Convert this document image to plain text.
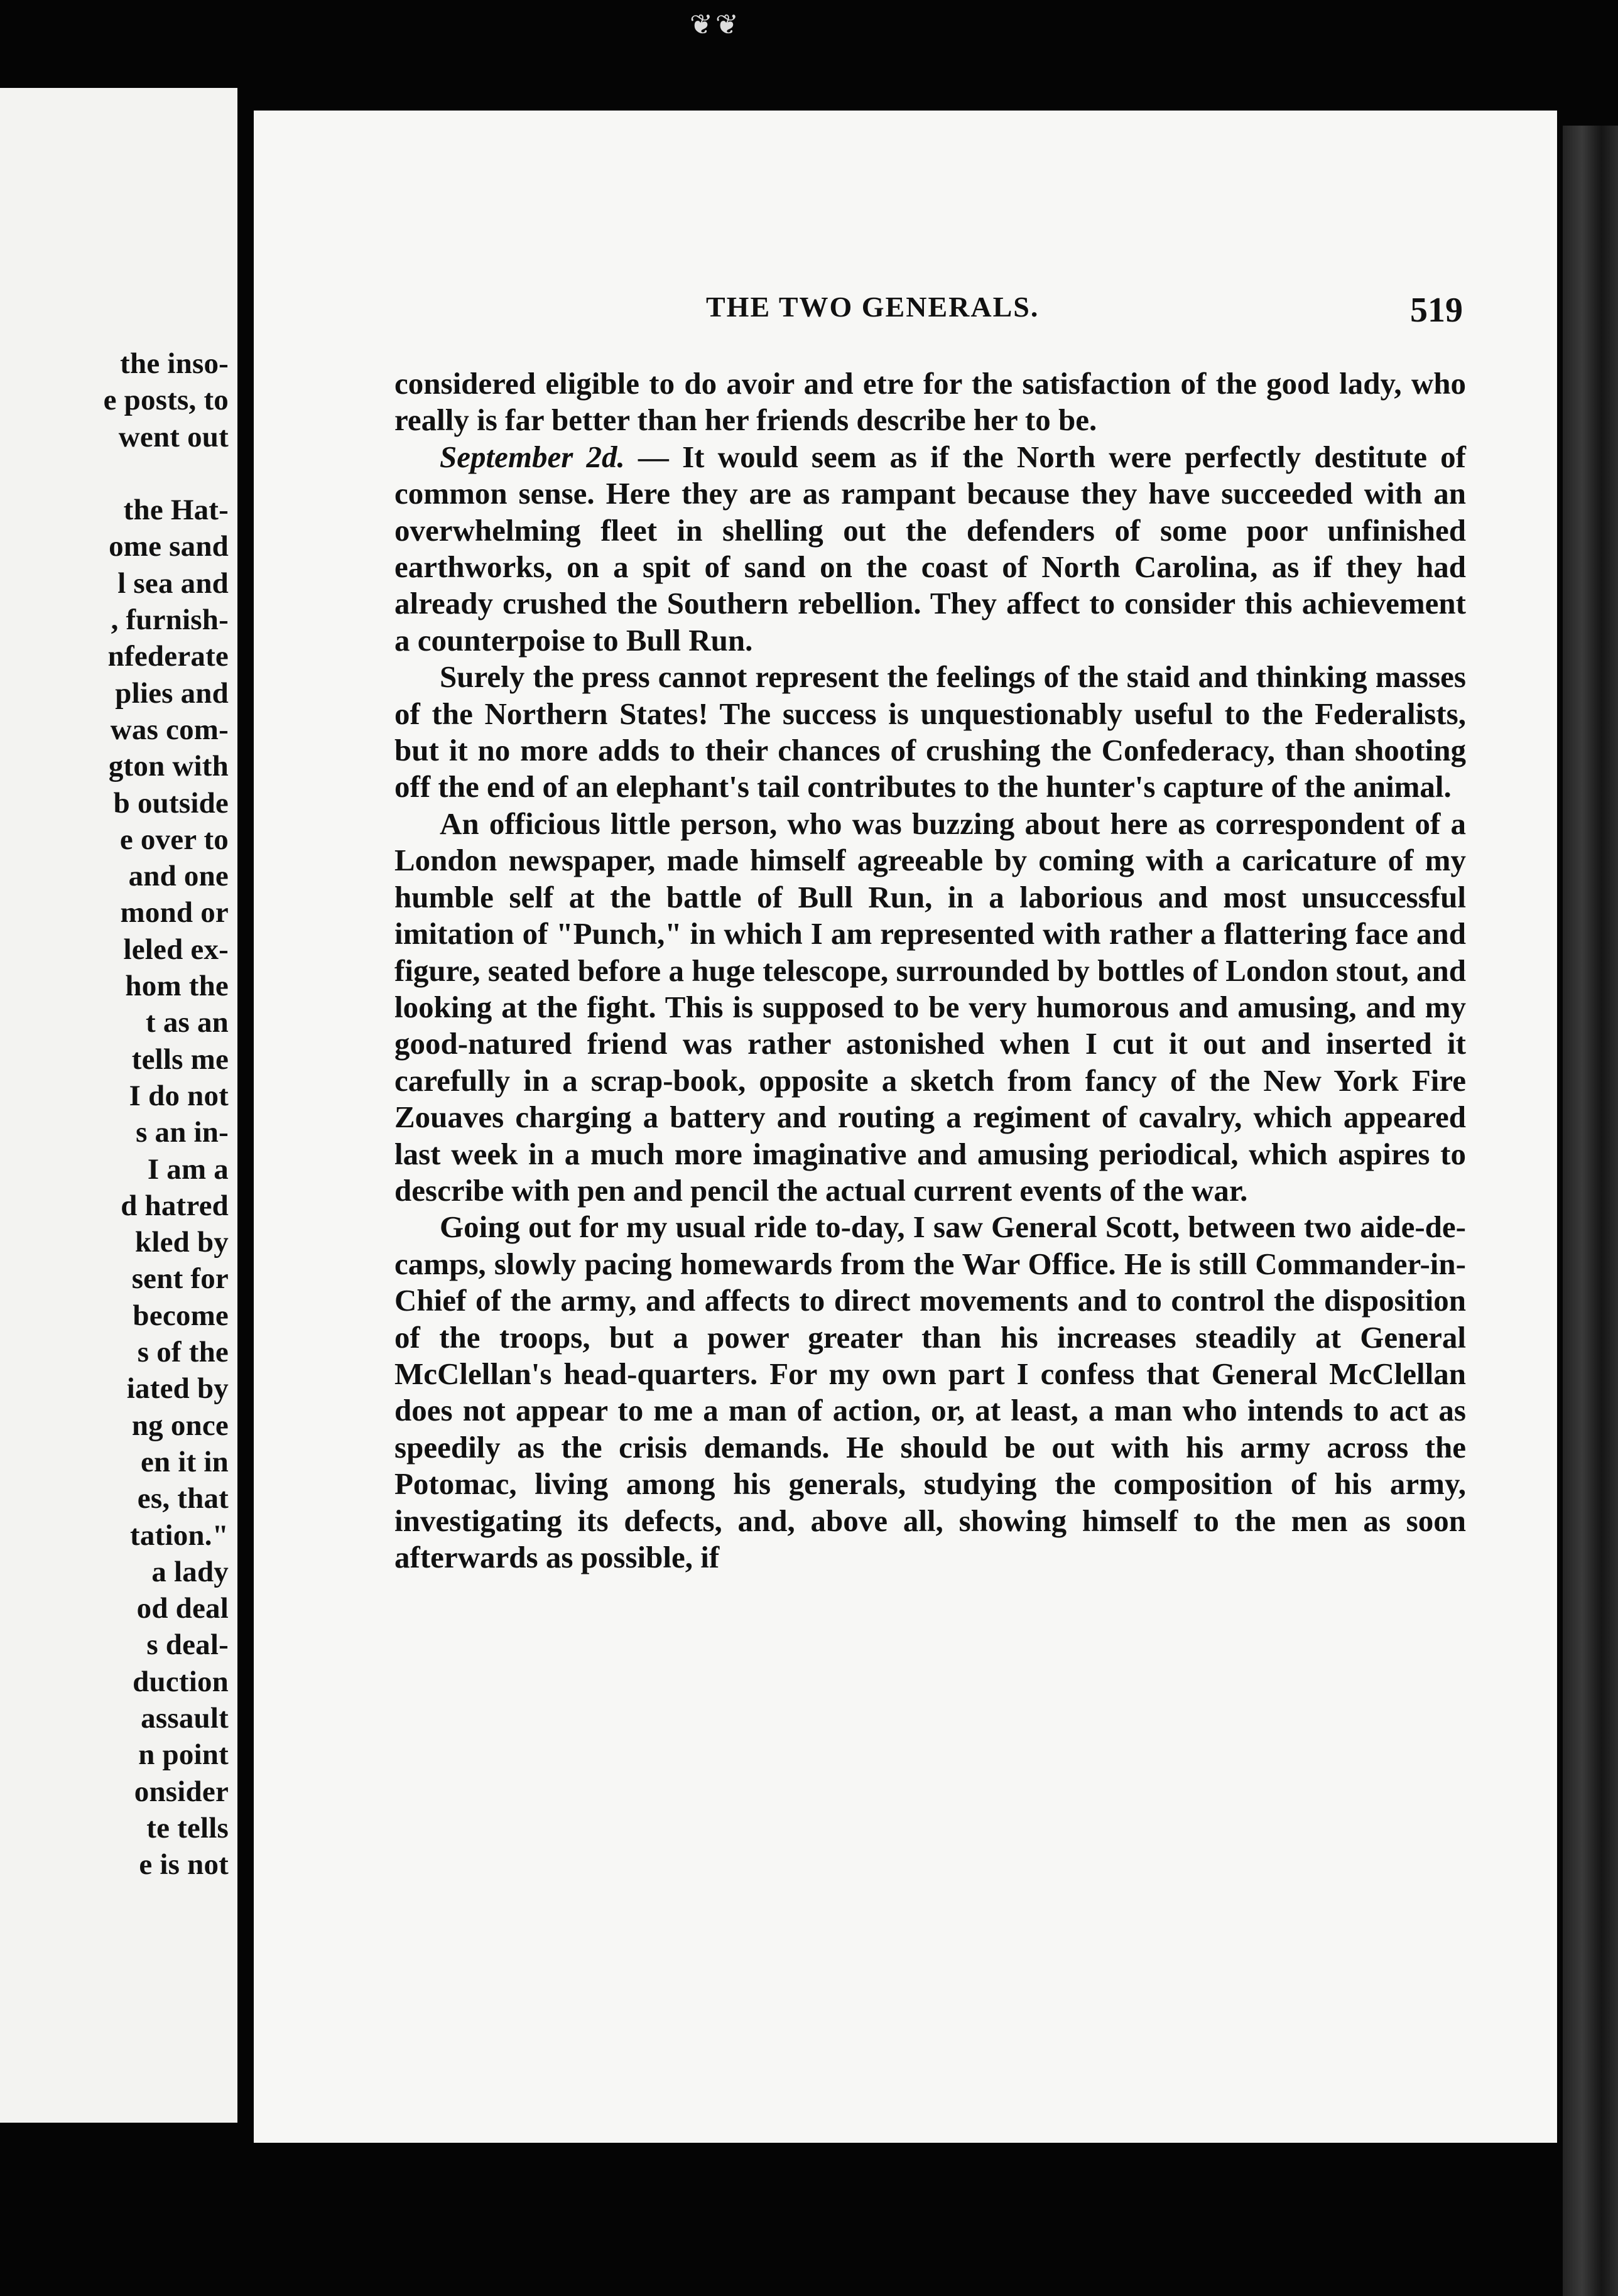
❦❦
the inso-
e posts, to
went out
the Hat-
ome sand
l sea and
, furnish-
nfederate
plies and
was com-
gton with
b outside
e over to
and one
mond or
leled ex-
hom the
t as an
tells me
I do not
s an in-
I am a
d hatred
kled by
sent for
become
s of the
iated by
ng once
en it in
es, that
tation."
a lady
od deal
s deal-
duction
assault
n point
onsider
te tells
e is not
THE TWO GENERALS.	519

considered eligible to do avoir and etre for the satisfaction of the good lady, who really is far better than her friends describe her to be.

September 2d. — It would seem as if the North were perfectly destitute of common sense. Here they are as rampant because they have succeeded with an overwhelming fleet in shelling out the defenders of some poor unfinished earthworks, on a spit of sand on the coast of North Carolina, as if they had already crushed the Southern rebellion. They affect to consider this achievement a counterpoise to Bull Run.

Surely the press cannot represent the feelings of the staid and thinking masses of the Northern States! The success is unquestionably useful to the Federalists, but it no more adds to their chances of crushing the Confederacy, than shooting off the end of an elephant's tail contributes to the hunter's capture of the animal.

An officious little person, who was buzzing about here as correspondent of a London newspaper, made himself agreeable by coming with a caricature of my humble self at the battle of Bull Run, in a laborious and most unsuccessful imitation of "Punch," in which I am represented with rather a flattering face and figure, seated before a huge telescope, surrounded by bottles of London stout, and looking at the fight. This is supposed to be very humorous and amusing, and my good-natured friend was rather astonished when I cut it out and inserted it carefully in a scrap-book, opposite a sketch from fancy of the New York Fire Zouaves charging a battery and routing a regiment of cavalry, which appeared last week in a much more imaginative and amusing periodical, which aspires to describe with pen and pencil the actual current events of the war.

Going out for my usual ride to-day, I saw General Scott, between two aide-de-camps, slowly pacing homewards from the War Office. He is still Commander-in-Chief of the army, and affects to direct movements and to control the disposition of the troops, but a power greater than his increases steadily at General McClellan's head-quarters. For my own part I confess that General McClellan does not appear to me a man of action, or, at least, a man who intends to act as speedily as the crisis demands. He should be out with his army across the Potomac, living among his generals, studying the composition of his army, investigating its defects, and, above all, showing himself to the men as soon afterwards as possible, if
